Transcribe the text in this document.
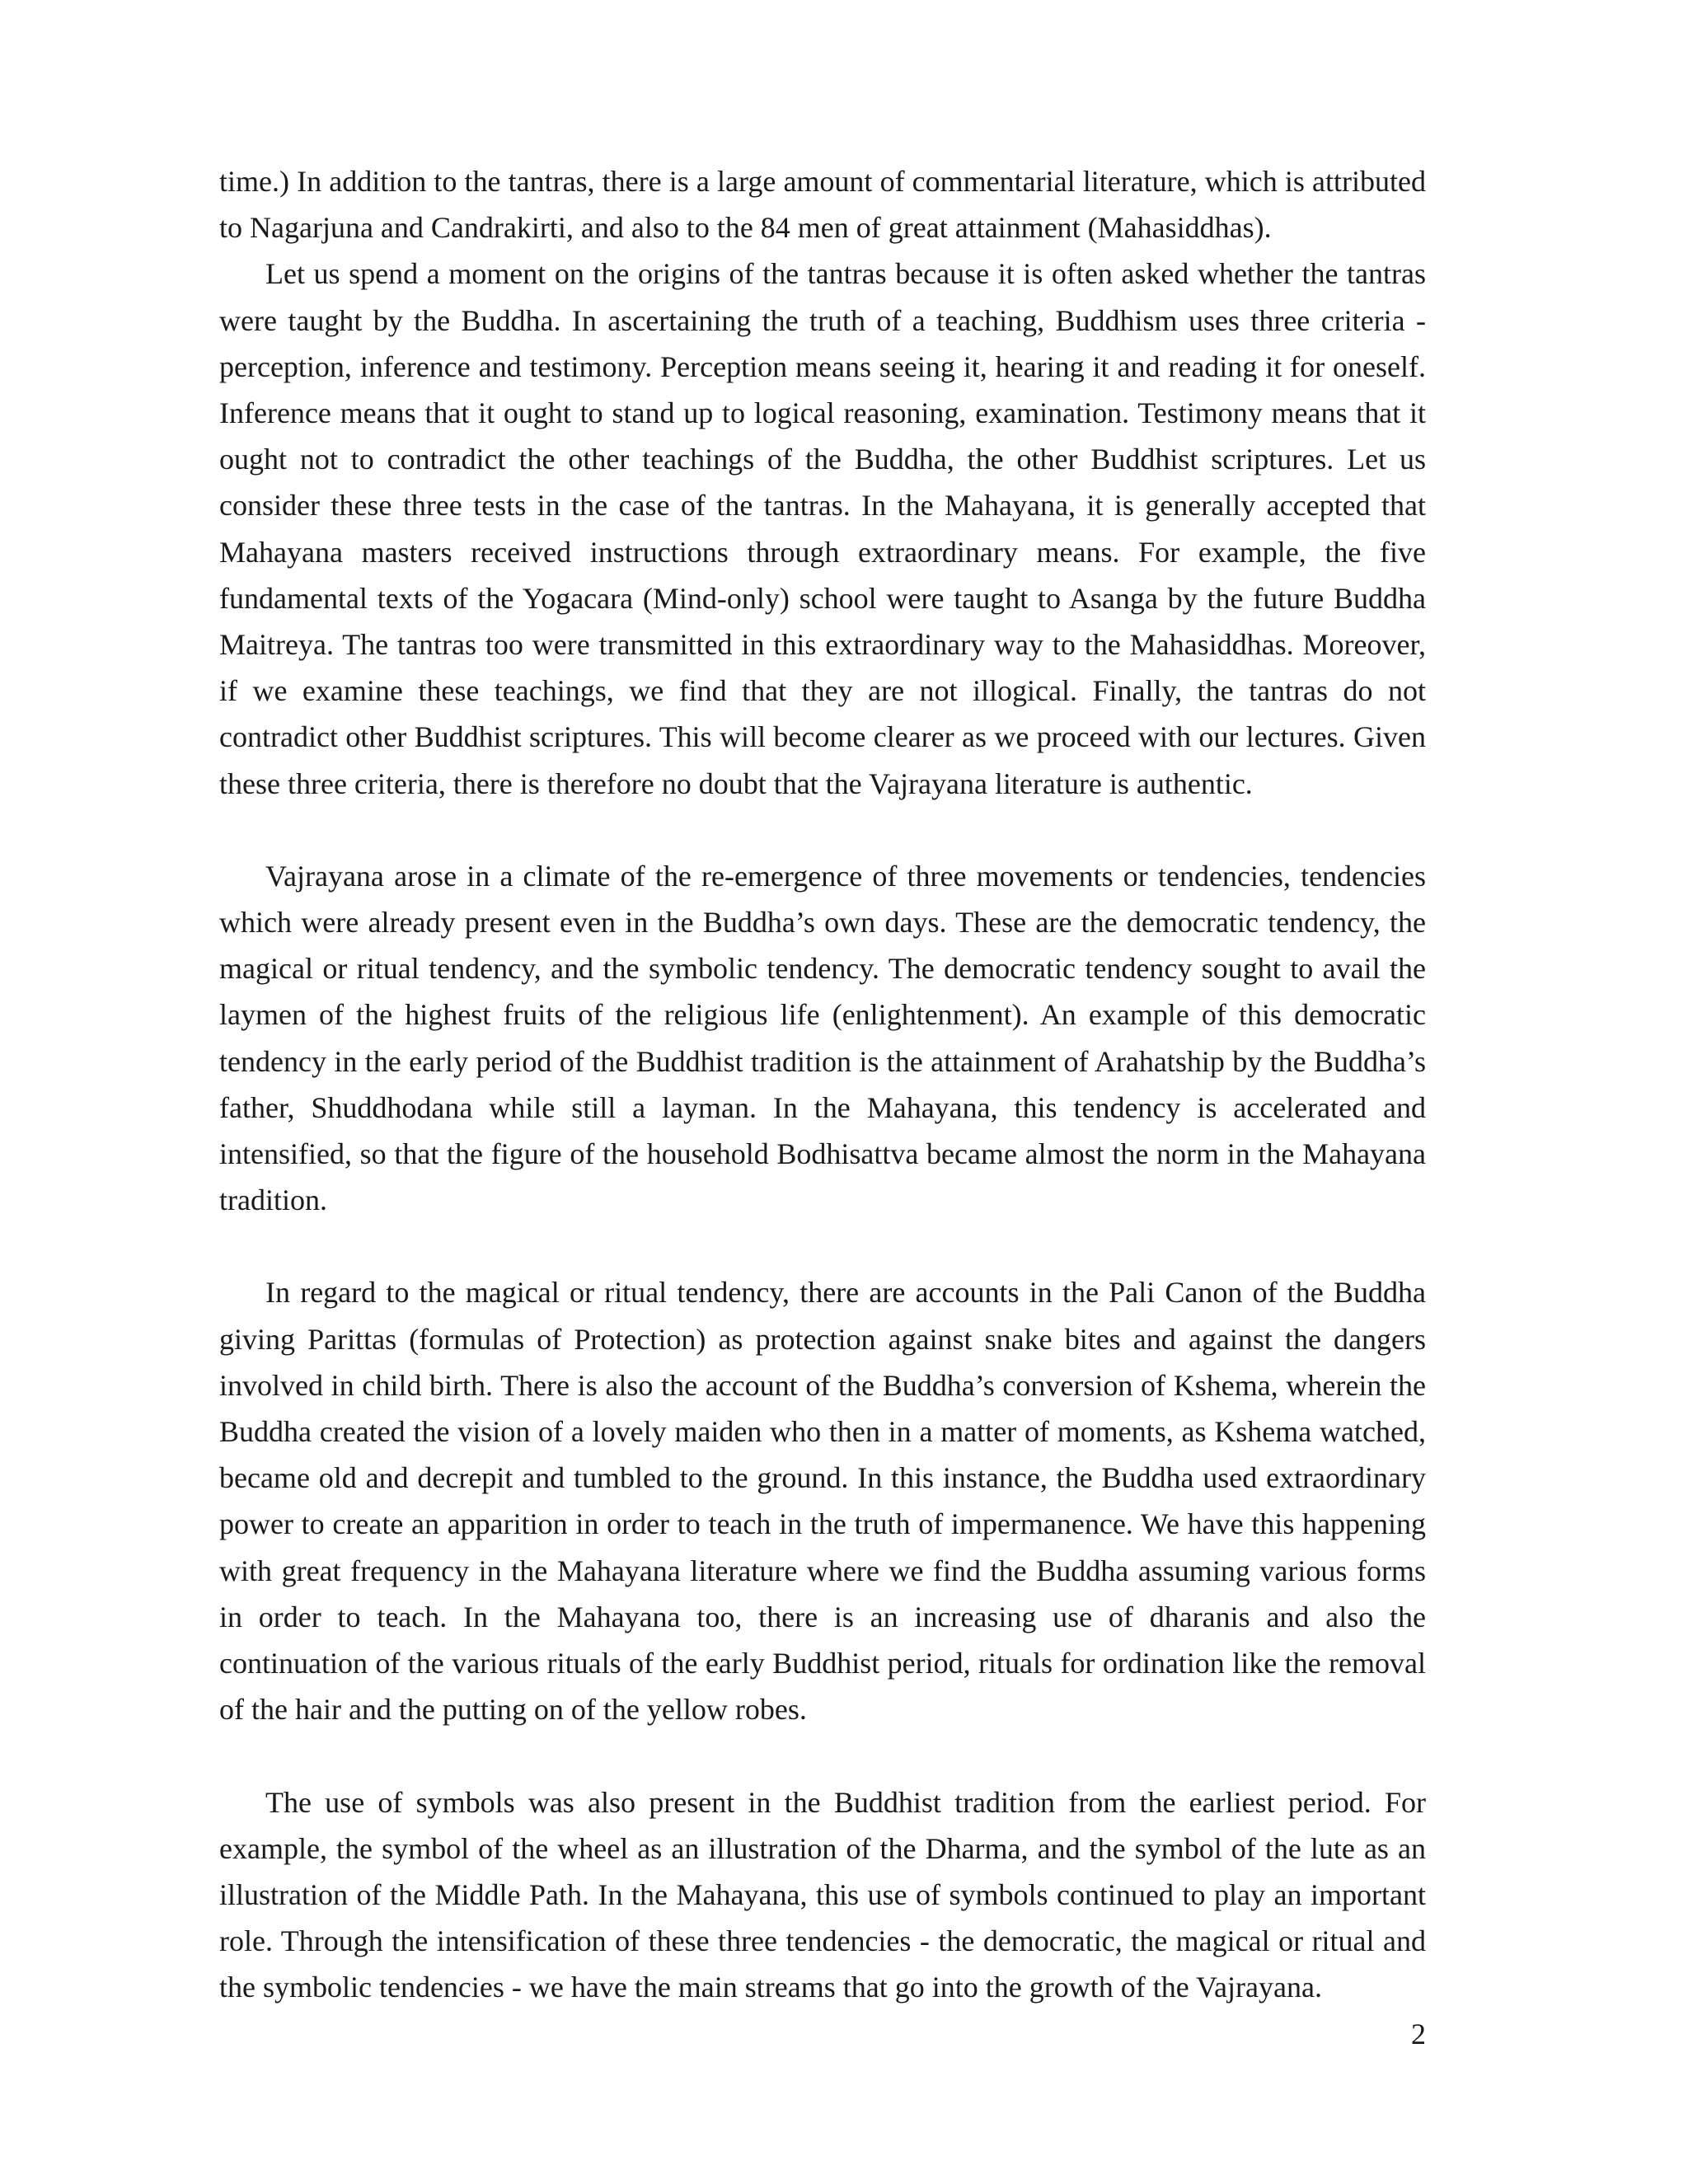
time.) In addition to the tantras, there is a large amount of commentarial literature, which is attributed to Nagarjuna and Candrakirti, and also to the 84 men of great attainment (Mahasiddhas).

Let us spend a moment on the origins of the tantras because it is often asked whether the tantras were taught by the Buddha. In ascertaining the truth of a teaching, Buddhism uses three criteria - perception, inference and testimony. Perception means seeing it, hearing it and reading it for oneself. Inference means that it ought to stand up to logical reasoning, examination. Testimony means that it ought not to contradict the other teachings of the Buddha, the other Buddhist scriptures. Let us consider these three tests in the case of the tantras. In the Mahayana, it is generally accepted that Mahayana masters received instructions through extraordinary means. For example, the five fundamental texts of the Yogacara (Mind-only) school were taught to Asanga by the future Buddha Maitreya. The tantras too were transmitted in this extraordinary way to the Mahasiddhas. Moreover, if we examine these teachings, we find that they are not illogical. Finally, the tantras do not contradict other Buddhist scriptures. This will become clearer as we proceed with our lectures. Given these three criteria, there is therefore no doubt that the Vajrayana literature is authentic.

Vajrayana arose in a climate of the re-emergence of three movements or tendencies, tendencies which were already present even in the Buddha’s own days. These are the democratic tendency, the magical or ritual tendency, and the symbolic tendency. The democratic tendency sought to avail the laymen of the highest fruits of the religious life (enlightenment). An example of this democratic tendency in the early period of the Buddhist tradition is the attainment of Arahatship by the Buddha’s father, Shuddhodana while still a layman. In the Mahayana, this tendency is accelerated and intensified, so that the figure of the household Bodhisattva became almost the norm in the Mahayana tradition.

In regard to the magical or ritual tendency, there are accounts in the Pali Canon of the Buddha giving Parittas (formulas of Protection) as protection against snake bites and against the dangers involved in child birth. There is also the account of the Buddha’s conversion of Kshema, wherein the Buddha created the vision of a lovely maiden who then in a matter of moments, as Kshema watched, became old and decrepit and tumbled to the ground. In this instance, the Buddha used extraordinary power to create an apparition in order to teach in the truth of impermanence. We have this happening with great frequency in the Mahayana literature where we find the Buddha assuming various forms in order to teach. In the Mahayana too, there is an increasing use of dharanis and also the continuation of the various rituals of the early Buddhist period, rituals for ordination like the removal of the hair and the putting on of the yellow robes.

The use of symbols was also present in the Buddhist tradition from the earliest period. For example, the symbol of the wheel as an illustration of the Dharma, and the symbol of the lute as an illustration of the Middle Path. In the Mahayana, this use of symbols continued to play an important role. Through the intensification of these three tendencies - the democratic, the magical or ritual and the symbolic tendencies - we have the main streams that go into the growth of the Vajrayana.

2
